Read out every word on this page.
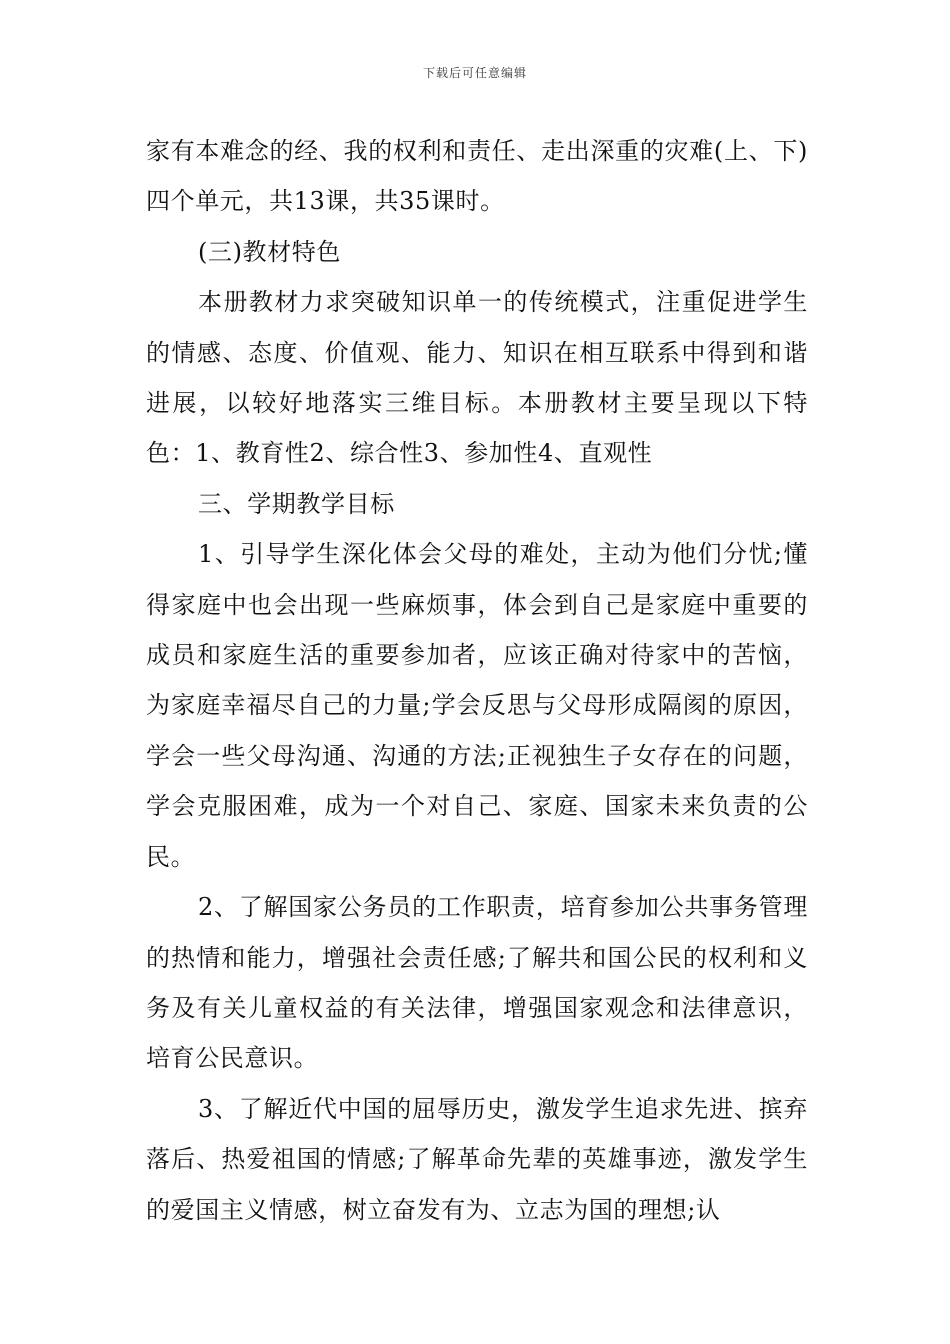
下载后可任意编辑

家有本难念的经、我的权利和责任、走出深重的灾难(上、下)四个单元，共13课，共35课时。

(三)教材特色

本册教材力求突破知识单一的传统模式，注重促进学生的情感、态度、价值观、能力、知识在相互联系中得到和谐进展，以较好地落实三维目标。本册教材主要呈现以下特色：1、教育性2、综合性3、参加性4、直观性

三、学期教学目标

1、引导学生深化体会父母的难处，主动为他们分忧;懂得家庭中也会出现一些麻烦事，体会到自己是家庭中重要的成员和家庭生活的重要参加者，应该正确对待家中的苦恼，为家庭幸福尽自己的力量;学会反思与父母形成隔阂的原因，学会一些父母沟通、沟通的方法;正视独生子女存在的问题，学会克服困难，成为一个对自己、家庭、国家未来负责的公民。

2、了解国家公务员的工作职责，培育参加公共事务管理的热情和能力，增强社会责任感;了解共和国公民的权利和义务及有关儿童权益的有关法律，增强国家观念和法律意识，培育公民意识。

3、了解近代中国的屈辱历史，激发学生追求先进、摈弃落后、热爱祖国的情感;了解革命先辈的英雄事迹，激发学生的爱国主义情感，树立奋发有为、立志为国的理想;认
